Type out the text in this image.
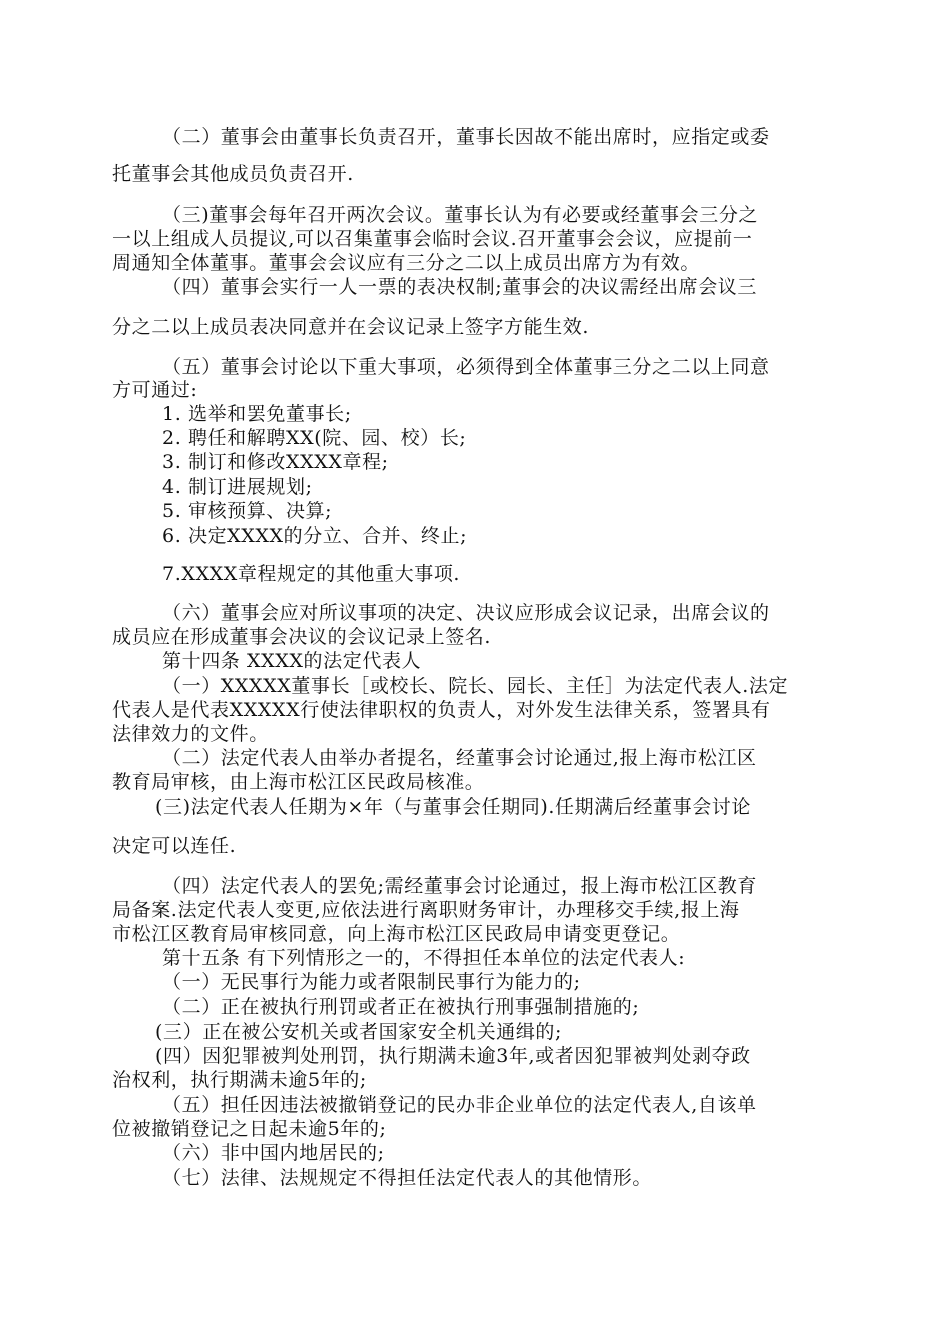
（二）董事会由董事长负责召开，董事长因故不能出席时，应指定或委

托董事会其他成员负责召开.

（三)董事会每年召开两次会议。董事长认为有必要或经董事会三分之

一以上组成人员提议,可以召集董事会临时会议.召开董事会会议，应提前一

周通知全体董事。董事会会议应有三分之二以上成员出席方为有效。

（四）董事会实行一人一票的表决权制;董事会的决议需经出席会议三

分之二以上成员表决同意并在会议记录上签字方能生效.

（五）董事会讨论以下重大事项，必须得到全体董事三分之二以上同意

方可通过:

1. 选举和罢免董事长;

2. 聘任和解聘XX(院、园、校）长;

3. 制订和修改XXXX章程;

4. 制订进展规划;

5. 审核预算、决算;

6. 决定XXXX的分立、合并、终止;

7.XXXX章程规定的其他重大事项.

（六）董事会应对所议事项的决定、决议应形成会议记录，出席会议的

成员应在形成董事会决议的会议记录上签名.

第十四条 XXXX的法定代表人

（一）XXXXX董事长［或校长、院长、园长、主任］为法定代表人.法定

代表人是代表XXXXX行使法律职权的负责人，对外发生法律关系，签署具有

法律效力的文件。

（二）法定代表人由举办者提名，经董事会讨论通过,报上海市松江区

教育局审核，由上海市松江区民政局核准。

(三)法定代表人任期为×年（与董事会任期同).任期满后经董事会讨论

决定可以连任.

（四）法定代表人的罢免;需经董事会讨论通过，报上海市松江区教育

局备案.法定代表人变更,应依法进行离职财务审计，办理移交手续,报上海

市松江区教育局审核同意，向上海市松江区民政局申请变更登记。

第十五条 有下列情形之一的，不得担任本单位的法定代表人:

（一）无民事行为能力或者限制民事行为能力的;

（二）正在被执行刑罚或者正在被执行刑事强制措施的;

(三）正在被公安机关或者国家安全机关通缉的;

(四）因犯罪被判处刑罚，执行期满未逾3年,或者因犯罪被判处剥夺政

治权利，执行期满未逾5年的;

（五）担任因违法被撤销登记的民办非企业单位的法定代表人,自该单

位被撤销登记之日起未逾5年的;

（六）非中国内地居民的;

（七）法律、法规规定不得担任法定代表人的其他情形。
